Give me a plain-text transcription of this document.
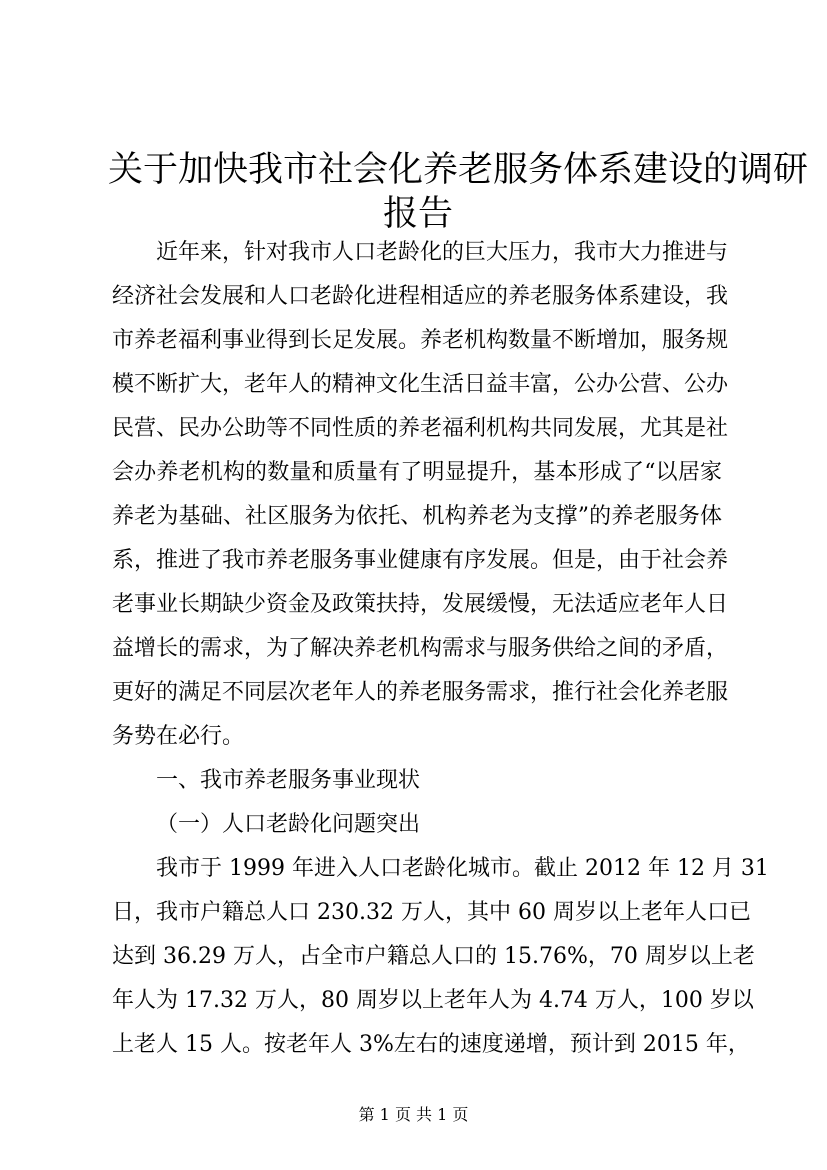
关于加快我市社会化养老服务体系建设的调研
报告

近年来，针对我市人口老龄化的巨大压力，我市大力推进与

经济社会发展和人口老龄化进程相适应的养老服务体系建设，我

市养老福利事业得到长足发展。养老机构数量不断增加，服务规

模不断扩大，老年人的精神文化生活日益丰富，公办公营、公办

民营、民办公助等不同性质的养老福利机构共同发展，尤其是社

会办养老机构的数量和质量有了明显提升，基本形成了“以居家

养老为基础、社区服务为依托、机构养老为支撑”的养老服务体

系，推进了我市养老服务事业健康有序发展。但是，由于社会养

老事业长期缺少资金及政策扶持，发展缓慢，无法适应老年人日

益增长的需求，为了解决养老机构需求与服务供给之间的矛盾，

更好的满足不同层次老年人的养老服务需求，推行社会化养老服

务势在必行。

一、我市养老服务事业现状

（一）人口老龄化问题突出

我市于 1999 年进入人口老龄化城市。截止 2012 年 12 月 31

日，我市户籍总人口 230.32 万人，其中 60 周岁以上老年人口已

达到 36.29 万人，占全市户籍总人口的 15.76%，70 周岁以上老

年人为 17.32 万人，80 周岁以上老年人为 4.74 万人，100 岁以

上老人 15 人。按老年人 3%左右的速度递增，预计到 2015 年，

第 1 页 共 1 页
